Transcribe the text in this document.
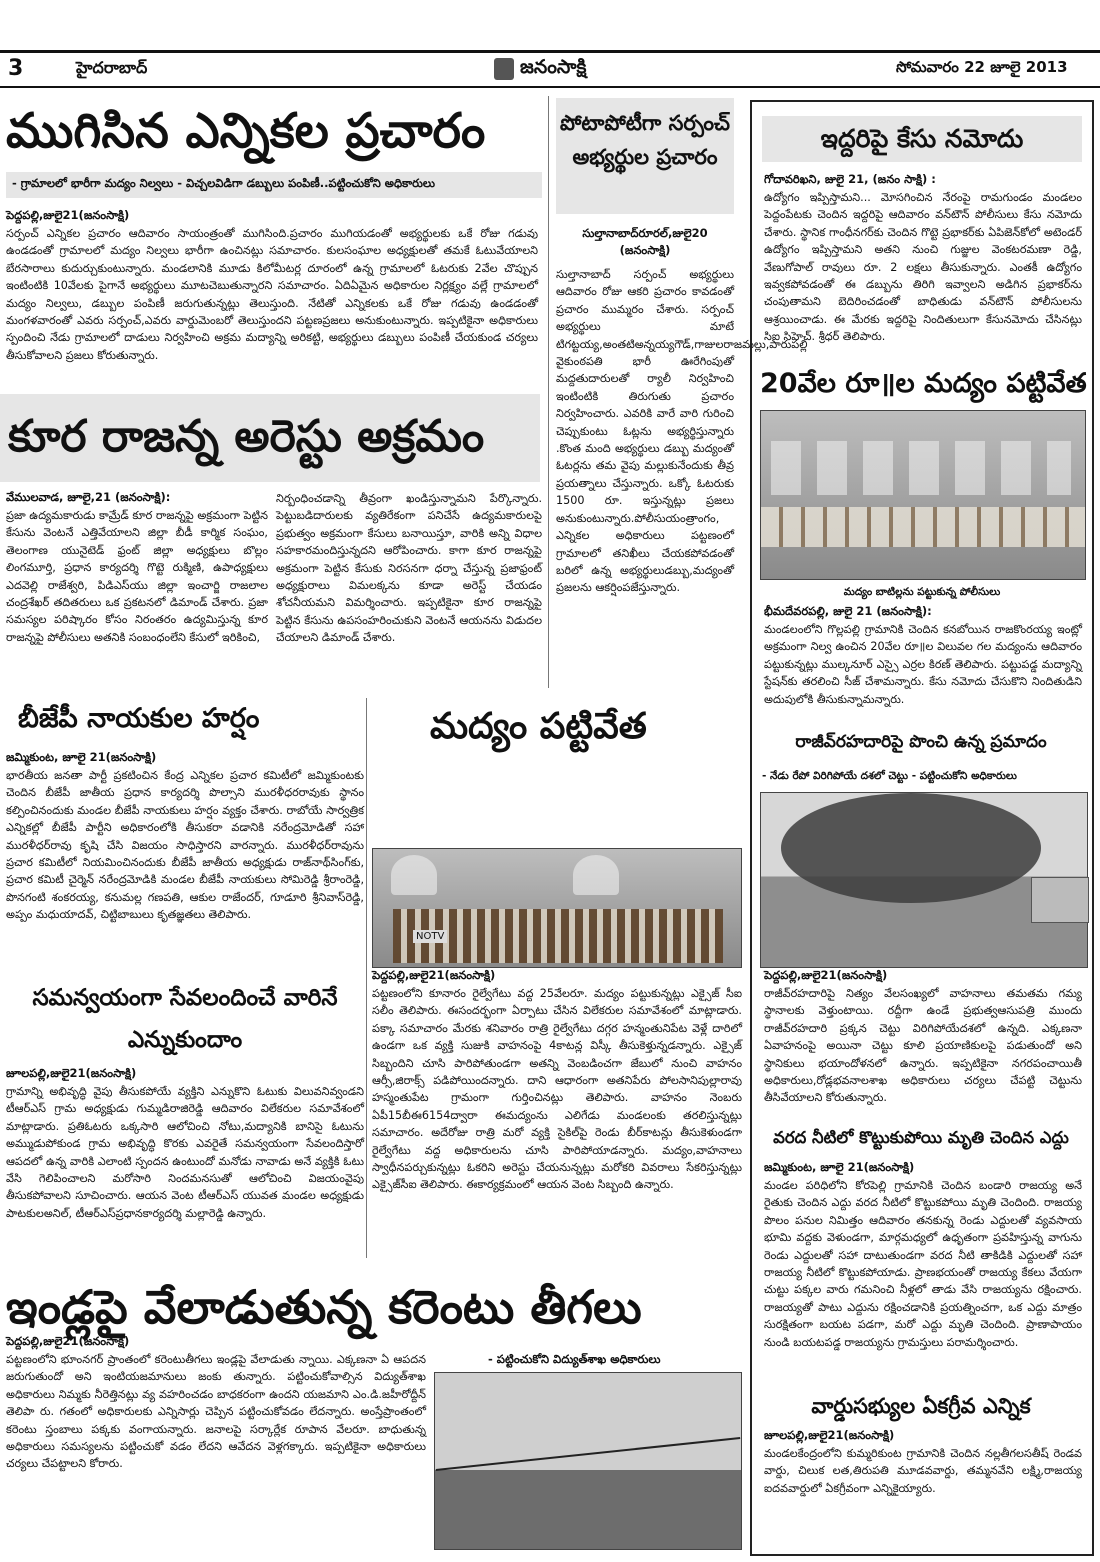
3	హైదరాబాద్	జనంసాక్షి	సోమవారం 22 జూలై 2013
ముగిసిన ఎన్నికల ప్రచారం
- గ్రామాలలో భారీగా మద్యం నిల్వలు - విచ్చలవిడిగా డబ్బులు పంపిణీ..పట్టించుకోని అధికారులు
పెద్దపల్లి,జులై21(జనంసాక్షి)
సర్పంచ్ ఎన్నికల ప్రచారం ఆదివారం సాయంత్రంతో ముగిసింది.ప్రచారం ముగియడంతో అభ్యర్థులకు ఒకే రోజు గడువు ఉండడంతో గ్రామాలలో మద్యం నిల్వలు భారీగా ఉంచినట్లు సమాచారం. కులసంఘాల అధ్యక్షులతో తమకే ఓటువేయాలని బేరసారాలు కుదుర్చుకుంటున్నారు. మండలానికి మూడు కిలోమీటర్ల దూరంలో ఉన్న గ్రామాలలో ఓటరుకు 2వేల చొప్పున ఇంటింటికి 10వేలకు పైగానే అభ్యర్థులు మూటచెబుతున్నారని సమాచారం. ఏదిఏమైన అధికారుల నిర్లక్ష్యం వల్లే గ్రామాలలో మద్యం నిల్వలు, డబ్బుల పంపిణీ జరుగుతున్నట్లు తెలుస్తుంది. నేటితో ఎన్నికలకు ఒకే రోజు గడువు ఉండడంతో మంగళవారంతో ఎవరు సర్పంచ్,ఎవరు వార్డుమెంబరో తెలుస్తుందని పట్టణప్రజలు అనుకుంటున్నారు. ఇప్పటికైనా అధికారులు స్పందించి నేడు గ్రామాలలో దాడులు నిర్వహించి అక్రమ మద్యాన్ని అరికట్టి, అభ్యర్థులు డబ్బులు పంపిణీ చేయకుండ చర్యలు తీసుకోవాలని ప్రజలు కోరుతున్నారు.
కూర రాజన్న అరెస్టు అక్రమం
వేములవాడ, జూలై,21 (జనంసాక్షి):
ప్రజా ఉద్యమకారుడు కామ్రేడ్ కూర రాజన్నపై అక్రమంగా పెట్టిన కేసును వెంటనే ఎత్తివేయాలని జిల్లా బీడీ కార్మిక సంఘం, తెలంగాణ యునైటెడ్ ఫ్రంట్ జిల్లా అధ్యక్షులు బొల్లం లింగమూర్తి, ప్రధాన కార్యదర్శి గొట్టె రుక్మిణి, ఉపాధ్యక్షులు ఎదవెల్లి రాజేశ్వరి, పిడిఎస్‌యు జిల్లా ఇంచార్జి రాజలాల చంద్రశేఖర్ తదితరులు ఒక ప్రకటనలో డిమాండ్ చేశారు. ప్రజా సమస్యల పరిష్కారం కోసం నిరంతరం ఉద్యమిస్తున్న కూర రాజన్నపై పోలీసులు అతనికి సంబంధంలేని కేసులో ఇరికించి,
నిర్బంధించడాన్ని తీవ్రంగా ఖండిస్తున్నామని పేర్కొన్నారు. పెట్టుబడిదారులకు వ్యతిరేకంగా పనిచేసే ఉద్యమకారులపై ప్రభుత్వం అక్రమంగా కేసులు బనాయిస్తూ, వారికి అన్ని విధాల సహకారమందిస్తున్నదని ఆరోపించారు. కాగా కూర రాజన్నపై అక్రమంగా పెట్టిన కేసుకు నిరసనగా ధర్నా చేస్తున్న ప్రజాఫ్రంట్ అధ్యక్షురాలు విమలక్కను కూడా అరెస్ట్ చేయడం శోచనీయమని విమర్శించారు. ఇప్పటికైనా కూర రాజన్నపై పెట్టిన కేసును ఉపసంహరించుకుని వెంటనే ఆయనను విడుదల చేయాలని డిమాండ్ చేశారు.
పోటాపోటీగా సర్పంచ్ అభ్యర్థుల ప్రచారం
సుల్తానాబాద్‌రూరల్,జులై20 (జనంసాక్షి)
సుల్తానాబాద్ సర్పంచ్ అభ్యర్థులు ఆదివారం రోజు ఆకరి ప్రచారం కావడంతో ప్రచారం ముమ్మరం చేశారు. సర్పంచ్ అభ్యర్థులు మాటే టిగట్టయ్య,అంతటిఅన్నయ్యగౌడ్,గాజులరాజమల్లు,పారుపల్లి వైకుంఠపతి భారీ ఊరేగింపుతో మద్దతుదారులతో ర్యాలీ నిర్వహించి ఇంటింటికి తిరుగుతు ప్రచారం నిర్వహించారు. ఎవరికి వారే వారి గురించి చెప్పుకుంటు ఓట్లను అభ్యర్థిస్తున్నారు .కొంత మంది అభ్యర్థులు డబ్బు మద్యంతో ఓటర్లను తమ వైపు మల్లుకునేందుకు తీవ్ర ప్రయత్నాలు చేస్తున్నారు. ఒక్కో ఓటరుకు 1500 రూ. ఇస్తున్నట్లు ప్రజలు అనుకుంటున్నారు.పోలీసుయంత్రాంగం, ఎన్నికల అధికారులు పట్టణంలో గ్రామాలలో తనిఖీలు చేయకపోవడంతో బరిలో ఉన్న అభ్యర్థులుడబ్బు,మద్యంతో ప్రజలను ఆకర్షింపజేస్తున్నారు.
బీజేపీ నాయకుల హర్షం
జమ్మికుంట, జూలై 21(జనంసాక్షి)
భారతీయ జనతా పార్టీ ప్రకటించిన కేంద్ర ఎన్నికల ప్రచార కమిటీలో జమ్మికుంటకు చెందిన బీజేపీ జాతీయ ప్రధాన కార్యదర్శి పొల్సాని మురళీధరరావుకు స్థానం కల్పించినందుకు మండల బీజేపీ నాయకులు హర్షం వ్యక్తం చేశారు. రాబోయే సార్వత్రిక ఎన్నికల్లో బీజేపీ పార్టీని అధికారంలోకి తీసుకరా వడానికి నరేంద్రమోడితో సహా మురళీధర్‌రావు కృషి చేసి విజయం సాధిస్తారని వారన్నారు. మురళీధర్‌రావును ప్రచార కమిటీలో నియమించినందుకు బీజేపీ జాతీయ అధ్యక్షుడు రాజ్‌నాథ్‌సింగ్‌కు, ప్రచార కమిటీ చైర్మెన్ నరేంద్రమోడికి మండల బీజేపీ నాయకులు సోమిరెడ్డి శ్రీరాంరెడ్డి, పొనగంటి శంకరయ్య, కనుమల్ల గణపతి, ఆకుల రాజేందర్, గూడూరి శ్రీనివాస్‌రెడ్డి, అప్పం మధుయాదవ్, చిట్టిబాబులు కృతజ్ఞతలు తెలిపారు.
మద్యం పట్టివేత
NOTV
పెద్దపల్లి,జులై21(జనంసాక్షి)
పట్టణంలోని కూనారం రైల్వేగేటు వద్ద 25వేలరూ. మద్యం పట్టుకున్నట్లు ఎక్సైజ్ సీఐ సలీం తెలిపారు. ఈసందర్భంగా ఏర్పాటు చేసిన విలేకరుల సమావేశంలో మాట్లాడారు. పక్కా సమాచారం మేరకు శనివారం రాత్రి రైల్వేగేటు దగ్గర హన్మంతునిపేట వెళ్లే దారిలో ఉండగా ఒక వ్యక్తి సుజుకి వాహనంపై 4కాటన్ల విస్కీ తీసుకెళ్తున్నడన్నారు. ఎక్సైజ్ సిబ్బందిని చూసి పారిపోతుండగా అతన్ని వెంబడించగా జేబులో నుంచి వాహనం ఆర్సీ,జిరాక్స్ పడిపోయిందన్నారు. దాని ఆధారంగా అతనిపేరు పోలసానిపుల్లారావు హస్మంతుపేట గ్రామంగా గుర్తించినట్లు తెలిపారు. వాహనం నెంబరు ఏపీ15బీఈ6154ద్వారా ఈమద్యంను ఎలిగేడు మండలంకు తరలిస్తున్నట్లు సమాచారం. అదేరోజు రాత్రి మరో వ్యక్తి సైకిల్‌పై రెండు బీర్‌కాటన్లు తీసుకెళుండగా రైల్వేగేటు వద్ద అధికారులను చూసి పారిపోయాడన్నారు. మద్యం,వాహనాలు స్వాధీనపర్చుకున్నట్లు ఓకరిని అరెస్టు చేయనున్నట్లు మరోకరి వివరాలు సేకరిస్తున్నట్లు ఎక్సైజ్‌సీఐ తెలిపారు. ఈకార్యక్రమంలో ఆయన వెంట సిబ్బంది ఉన్నారు.
సమన్వయంగా సేవలందించే వారినే
ఎన్నుకుందాం
జూలపల్లి,జులై21(జనంసాక్షి)
గ్రామాన్ని అభివృద్ధి వైపు తీసుకపోయే వ్యక్తిని ఎన్నుకొని ఓటుకు విలువనివ్వండని టీఆర్ఎస్ గ్రామ అధ్యక్షుడు గుమ్మడిరాజిరెడ్డి ఆదివారం విలేకరుల సమావేశంలో మాట్లాడారు. ప్రతిఓటరు ఒక్కసారి ఆలోచించి నోటు,మద్యానికి బానిసై ఓటును అమ్ముడుపోకుండ గ్రామ అభివృద్ధి కొరకు ఎవరైతే సమన్వయంగా సేవలందిస్తారో ఆపదలో ఉన్న వారికి ఎలాంటి స్పందన ఉంటుందో మనోడు నావాడు అనే వ్యక్తికి ఓటు వేసి గెలిపించాలని మరోసారి నిందమనసుతో ఆలోచించి విజయంవైపు తీసుకపోవాలని సూచించారు. ఆయన వెంట టీఆర్ఎస్ యువత మండల అధ్యక్షుడు పాటకులఅనిల్, టీఆర్ఎస్‌ప్రధానకార్యదర్శి మల్లారెడ్డి ఉన్నారు.
ఇండ్లపై వేలాడుతున్న కరెంటు తీగలు
- పట్టించుకోని విద్యుత్‌శాఖ అధికారులు
పెద్దపల్లి,జులై21(జనంసాక్షి)
పట్టణంలోని భూంనగర్ ప్రాంతంలో కరెంటుతీగలు ఇండ్లపై వేలాడుతు న్నాయి. ఎక్కణనా ఏ ఆపదన జరుగుతుందో అని ఇంటియజమానులు జంకు తున్నారు. పట్టించుకోవాల్సిన విద్యుత్‌శాఖ అధికారులు నిమ్మకు నీరెత్తినట్లు వ్య వహరించడం బాధకరంగా ఉందని యజమాని ఎం.డి.జహీరోద్దీన్ తెలిపా రు. గతంలో అధికారులకు ఎన్నిసార్లు చెప్పిన పట్టించుకోవడం లేదన్నారు. అంస్తేప్రాంతంలో కరెంటు స్తంబాలు పక్కకు వంగాయన్నారు. జనాలపై సర్కార్లేక రూపాన వేలరూ. బాధుతున్న అధికారులు సమస్యలను పట్టించుకో వడం లేదని ఆవేదన వెళ్లగక్కారు. ఇప్పటికైనా అధికారులు చర్యలు చేపట్టాలని కోరారు.
ఇద్దరిపై కేసు నమోదు
గోదావరిఖని, జులై 21, (జనం సాక్షి) :
ఉద్యోగం ఇప్పిస్తామని... మోసగించిన నేరంపై రామగుండం మండలం పెద్దంపేటకు చెందిన ఇద్దరిపై ఆదివారం వన్‌టౌన్ పోలీసులు కేసు నమోదు చేశారు. స్థానిక గాంధీనగర్‌కు చెందిన గొట్టె ప్రభాకర్‌కు ఏపిజెన్‌కోలో అటెండర్ ఉద్యోగం ఇప్పిస్తామని అతని నుంచి గుజ్జుల వెంకటరమణా రెడ్డి, వేణుగోపాల్ రావులు రూ. 2 లక్షలు తీసుకున్నారు. ఎంతకీ ఉద్యోగం ఇవ్వకపోవడంతో ఈ డబ్బును తిరిగి ఇవ్వాలని అడిగిన ప్రభాకర్‌ను చంపుతామని బెదిరించడంతో బాధితుడు వన్‌టౌన్ పోలీసులను ఆశ్రయించాడు. ఈ మేరకు ఇద్దరిపై నిందితులుగా కేసునమోదు చేసినట్లు సిఐ సిహెచ్. శ్రీధర్ తెలిపారు.
20వేల రూ॥ల మద్యం పట్టివేత
మద్యం బాటిల్లను పట్టుకున్న పోలీసులు
భీమదేవరపల్లి, జులై 21 (జనంసాక్షి):
మండలంలోని గొల్లపల్లి గ్రామానికి చెందిన కనబోయిన రాజకొంరయ్య ఇంట్లో అక్రమంగా నిల్వ ఉంచిన 20వేల రూ॥ల విలువల గల మద్యంను ఆదివారం పట్టుకున్నట్లు ముల్కనూర్ ఎస్సై ఎర్రల కిరణ్ తెలిపారు. పట్టుపడ్డ మద్యాన్ని స్టేషన్‌కు తరలించి సీజ్ చేశామన్నారు. కేసు నమోదు చేసుకొని నిందితుడిని అదుపులోకి తీసుకున్నామన్నారు.
రాజీవ్‌రహదారిపై పొంచి ఉన్న ప్రమాదం
- నేడు రేపో విరిగిపోయే దశలో చెట్టు - పట్టించుకోని అధికారులు
పెద్దపల్లి,జులై21(జనంసాక్షి)
రాజీవ్‌రహదారిపై నిత్యం వేలసంఖ్యలో వాహనాలు తమతమ గమ్య స్థానాలకు వెళ్తుంటాయి. రద్దీగా ఉండే ప్రభుత్వఆసుపత్రి ముందు రాజీవ్‌రహదారి ప్రక్కన చెట్టు విరిగిపోయేదశలో ఉన్నది. ఎక్కణనా ఏవాహనంపై అయినా చెట్టు కూలి ప్రయాణికులపై పడుతుందో అని స్థానికులు భయాందోళనలో ఉన్నారు. ఇప్పటికైనా నగరపంచాయితీ అధికారులు,రోడ్లభవనాలశాఖ అధికారులు చర్యలు చేపట్టి చెట్టును తీసివేయాలని కోరుతున్నారు.
వరద నీటిలో కొట్టుకుపోయి మృతి చెందిన ఎద్దు
జమ్మికుంట, జూలై 21(జనంసాక్షి)
మండల పరిధిలోని కోరపెల్లి గ్రామానికి చెందిన బండారి రాజయ్య అనే రైతుకు చెందిన ఎద్దు వరద నీటిలో కొట్టుకపోయి మృతి చెందింది. రాజయ్య పొలం పనుల నిమిత్తం ఆదివారం తనకున్న రెండు ఎద్దులతో వ్యవసాయ భూమి వద్దకు వెళుండగా, మార్గమధ్యలో ఉధృతంగా ప్రవహిస్తున్న వాగును రెండు ఎద్దులతో సహా దాటుతుండగా వరద నీటి తాకిడికి ఎద్దులతో సహా రాజయ్య నీటిలో కొట్టుకపోయాడు. ప్రాణభయంతో రాజయ్య కేకలు వేయగా చుట్టు పక్కల వారు గమనించి నీళ్లలో తాడు వేసి రాజయ్యను రక్షించారు. రాజయ్యతో పాటు ఎద్దును రక్షించడానికి ప్రయత్నించగా, ఒక ఎద్దు మాత్రం సురక్షితంగా బయట పడగా, మరో ఎద్దు మృతి చెందింది. ప్రాణాపాయం నుండి బయటపడ్డ రాజయ్యను గ్రామస్తులు పరామర్శించారు.
వార్డుసభ్యుల ఏకగ్రీవ ఎన్నిక
జూలపల్లి,జులై21(జనంసాక్షి)
మండలకేంద్రంలోని కుమ్మరికుంట గ్రామానికి చెందిన నల్లతీగలసతీష్ రెండవ వార్డు, చిలుక లత,తిరుపతి మూడవవార్డు, తమ్మనవేని లక్ష్మి,రాజయ్య ఐదవవార్డులో ఏకగ్రీవంగా ఎన్నికైయ్యారు.
